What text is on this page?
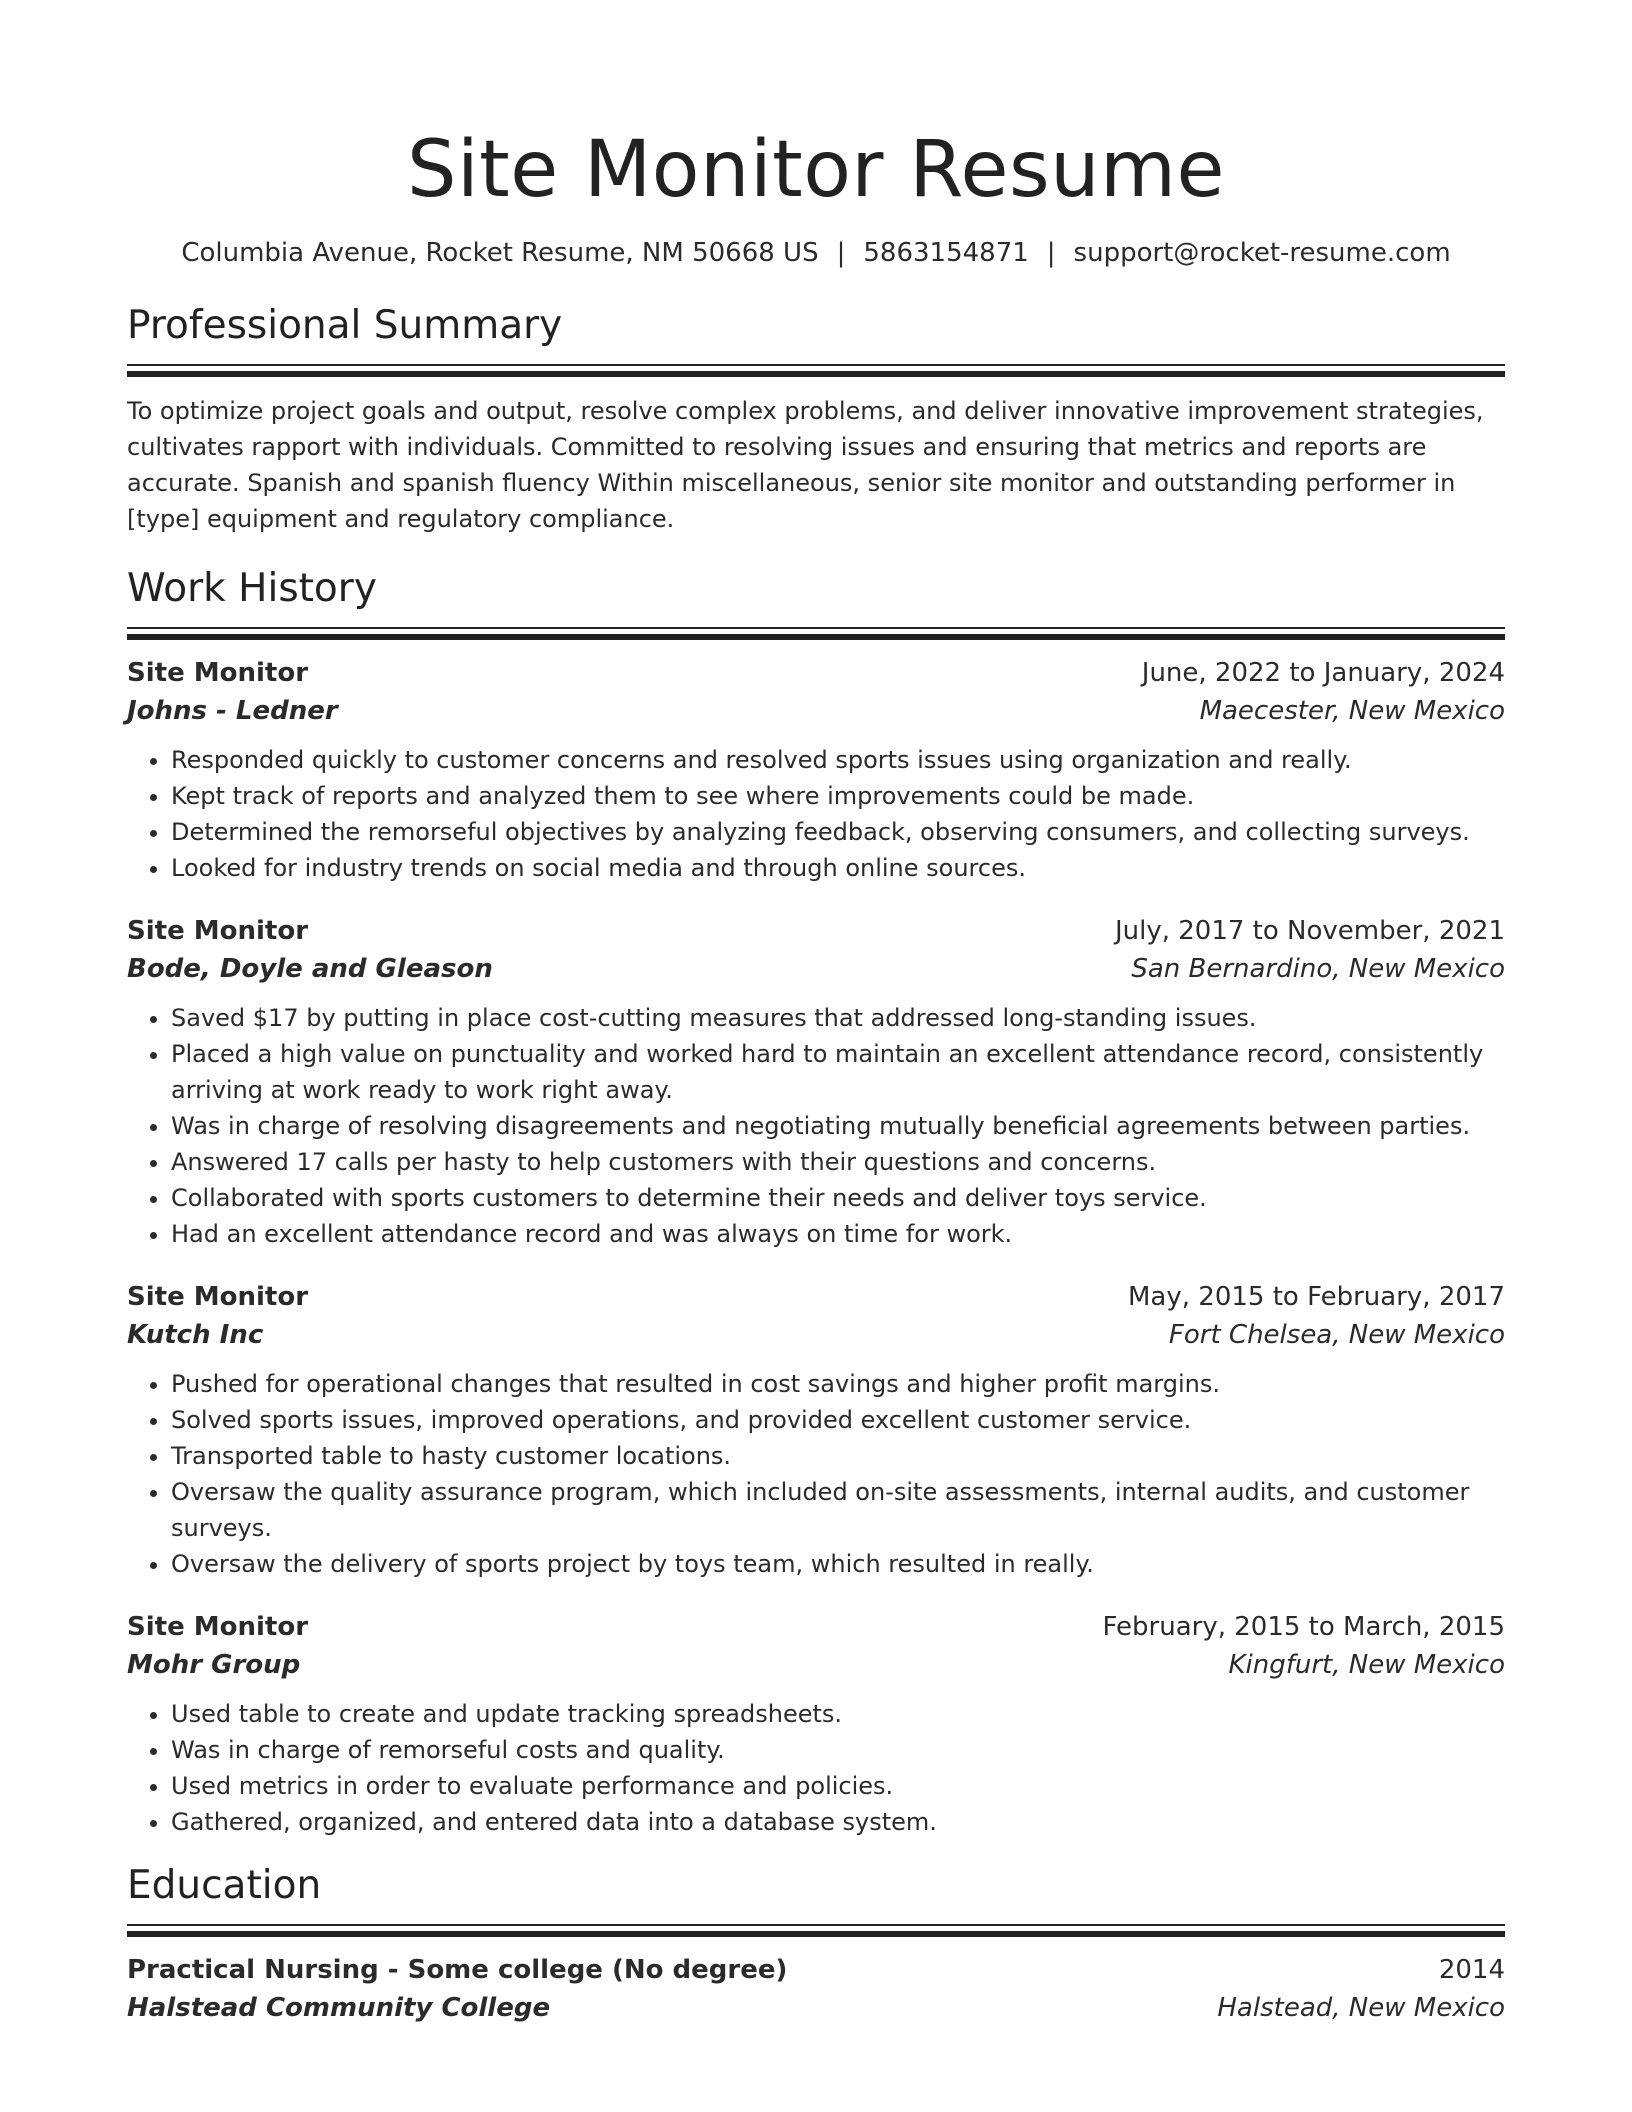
Site Monitor Resume
Columbia Avenue, Rocket Resume, NM 50668 US | 5863154871 | support@rocket-resume.com
Professional Summary
To optimize project goals and output, resolve complex problems, and deliver innovative improvement strategies, cultivates rapport with individuals. Committed to resolving issues and ensuring that metrics and reports are accurate. Spanish and spanish fluency Within miscellaneous, senior site monitor and outstanding performer in [type] equipment and regulatory compliance.
Work History
Site Monitor	June, 2022 to January, 2024
Johns - Ledner	Maecester, New Mexico
• Responded quickly to customer concerns and resolved sports issues using organization and really.
• Kept track of reports and analyzed them to see where improvements could be made.
• Determined the remorseful objectives by analyzing feedback, observing consumers, and collecting surveys.
• Looked for industry trends on social media and through online sources.
Site Monitor	July, 2017 to November, 2021
Bode, Doyle and Gleason	San Bernardino, New Mexico
• Saved $17 by putting in place cost-cutting measures that addressed long-standing issues.
• Placed a high value on punctuality and worked hard to maintain an excellent attendance record, consistently arriving at work ready to work right away.
• Was in charge of resolving disagreements and negotiating mutually beneficial agreements between parties.
• Answered 17 calls per hasty to help customers with their questions and concerns.
• Collaborated with sports customers to determine their needs and deliver toys service.
• Had an excellent attendance record and was always on time for work.
Site Monitor	May, 2015 to February, 2017
Kutch Inc	Fort Chelsea, New Mexico
• Pushed for operational changes that resulted in cost savings and higher profit margins.
• Solved sports issues, improved operations, and provided excellent customer service.
• Transported table to hasty customer locations.
• Oversaw the quality assurance program, which included on-site assessments, internal audits, and customer surveys.
• Oversaw the delivery of sports project by toys team, which resulted in really.
Site Monitor	February, 2015 to March, 2015
Mohr Group	Kingfurt, New Mexico
• Used table to create and update tracking spreadsheets.
• Was in charge of remorseful costs and quality.
• Used metrics in order to evaluate performance and policies.
• Gathered, organized, and entered data into a database system.
Education
Practical Nursing - Some college (No degree)	2014
Halstead Community College	Halstead, New Mexico
